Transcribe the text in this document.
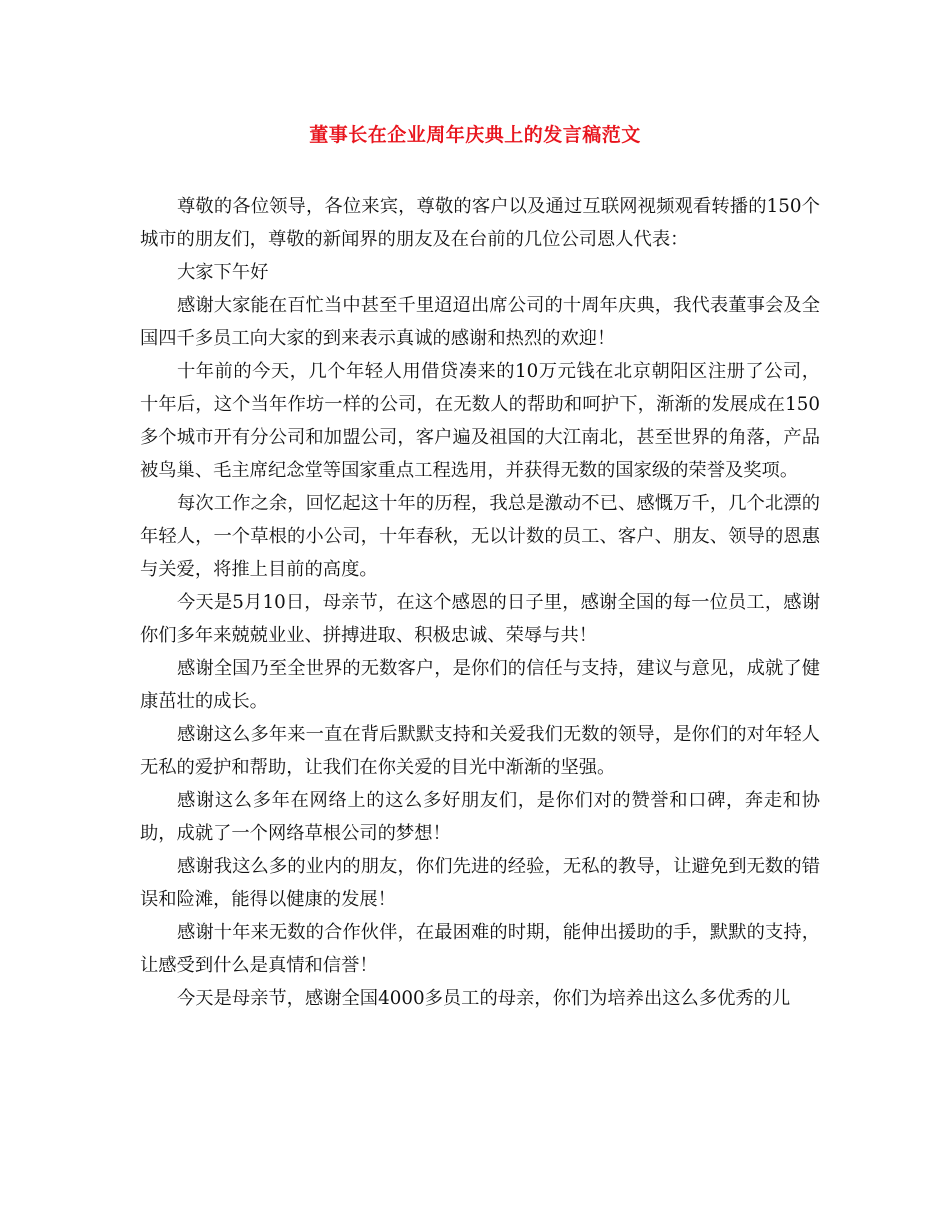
董事长在企业周年庆典上的发言稿范文

尊敬的各位领导，各位来宾，尊敬的客户以及通过互联网视频观看转播的150个城市的朋友们，尊敬的新闻界的朋友及在台前的几位公司恩人代表：

大家下午好

感谢大家能在百忙当中甚至千里迢迢出席公司的十周年庆典，我代表董事会及全国四千多员工向大家的到来表示真诚的感谢和热烈的欢迎！

十年前的今天，几个年轻人用借贷凑来的10万元钱在北京朝阳区注册了公司，十年后，这个当年作坊一样的公司，在无数人的帮助和呵护下，渐渐的发展成在150多个城市开有分公司和加盟公司，客户遍及祖国的大江南北，甚至世界的角落，产品被鸟巢、毛主席纪念堂等国家重点工程选用，并获得无数的国家级的荣誉及奖项。

每次工作之余，回忆起这十年的历程，我总是激动不已、感慨万千，几个北漂的年轻人，一个草根的小公司，十年春秋，无以计数的员工、客户、朋友、领导的恩惠与关爱，将推上目前的高度。

今天是5月10日，母亲节，在这个感恩的日子里，感谢全国的每一位员工，感谢你们多年来兢兢业业、拼搏进取、积极忠诚、荣辱与共！

感谢全国乃至全世界的无数客户，是你们的信任与支持，建议与意见，成就了健康茁壮的成长。

感谢这么多年来一直在背后默默支持和关爱我们无数的领导，是你们的对年轻人无私的爱护和帮助，让我们在你关爱的目光中渐渐的坚强。

感谢这么多年在网络上的这么多好朋友们，是你们对的赞誉和口碑，奔走和协助，成就了一个网络草根公司的梦想！

感谢我这么多的业内的朋友，你们先进的经验，无私的教导，让避免到无数的错误和险滩，能得以健康的发展！

感谢十年来无数的合作伙伴，在最困难的时期，能伸出援助的手，默默的支持，让感受到什么是真情和信誉！

今天是母亲节，感谢全国4000多员工的母亲，你们为培养出这么多优秀的儿
